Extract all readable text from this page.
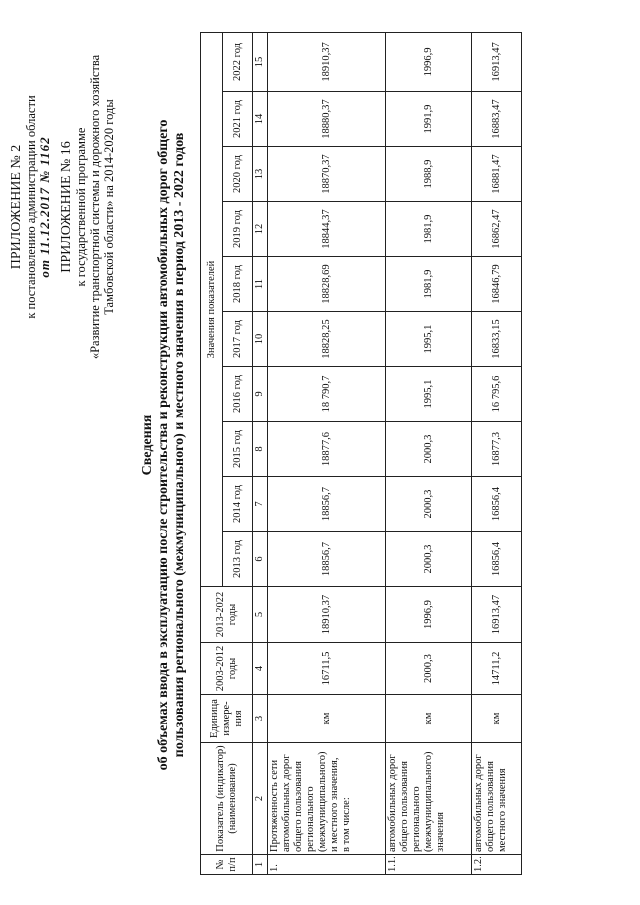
ПРИЛОЖЕНИЕ № 2 к постановлению администрации области от 11.12.2017 № 1162 ПРИЛОЖЕНИЕ № 16 к государственной программе «Развитие транспортной системы и дорожного хозяйства Тамбовской области» на 2014-2020 годы
Сведения об объемах ввода в эксплуатацию после строительства и реконструкции автомобильных дорог общего пользования регионального (межмуниципального) и местного значения в период 2013 - 2022 годов
№ п/п	Показатель (индикатор) (наименование)	Единица измере-ния	2003-2012 годы	2013-2022 годы	Значения показателей									
					2013 год	2014 год	2015 год	2016 год	2017 год	2018 год	2019 год	2020 год	2021 год	2022 год
1	2	3	4	5	6	7	8	9	10	11	12	13	14	15
1.	Протяженность сети автомобильных дорог общего пользования регионального (межмуниципального) и местного значения,
в том числе:	км	16711,5	18910,37	18856,7	18856,7	18877,6	18 790,7	18828,25	18828,69	18844,37	18870,37	18880,37	18910,37
1.1.	автомобильных дорог общего пользования регионального (межмуниципального) значения	км	2000,3	1996,9	2000,3	2000,3	2000,3	1995,1	1995,1	1981,9	1981,9	1988,9	1991,9	1996,9
1.2.	автомобильных дорог общего пользования местного значения	км	14711,2	16913,47	16856,4	16856,4	16877,3	16 795,6	16833,15	16846,79	16862,47	16881,47	16883,47	16913,47
